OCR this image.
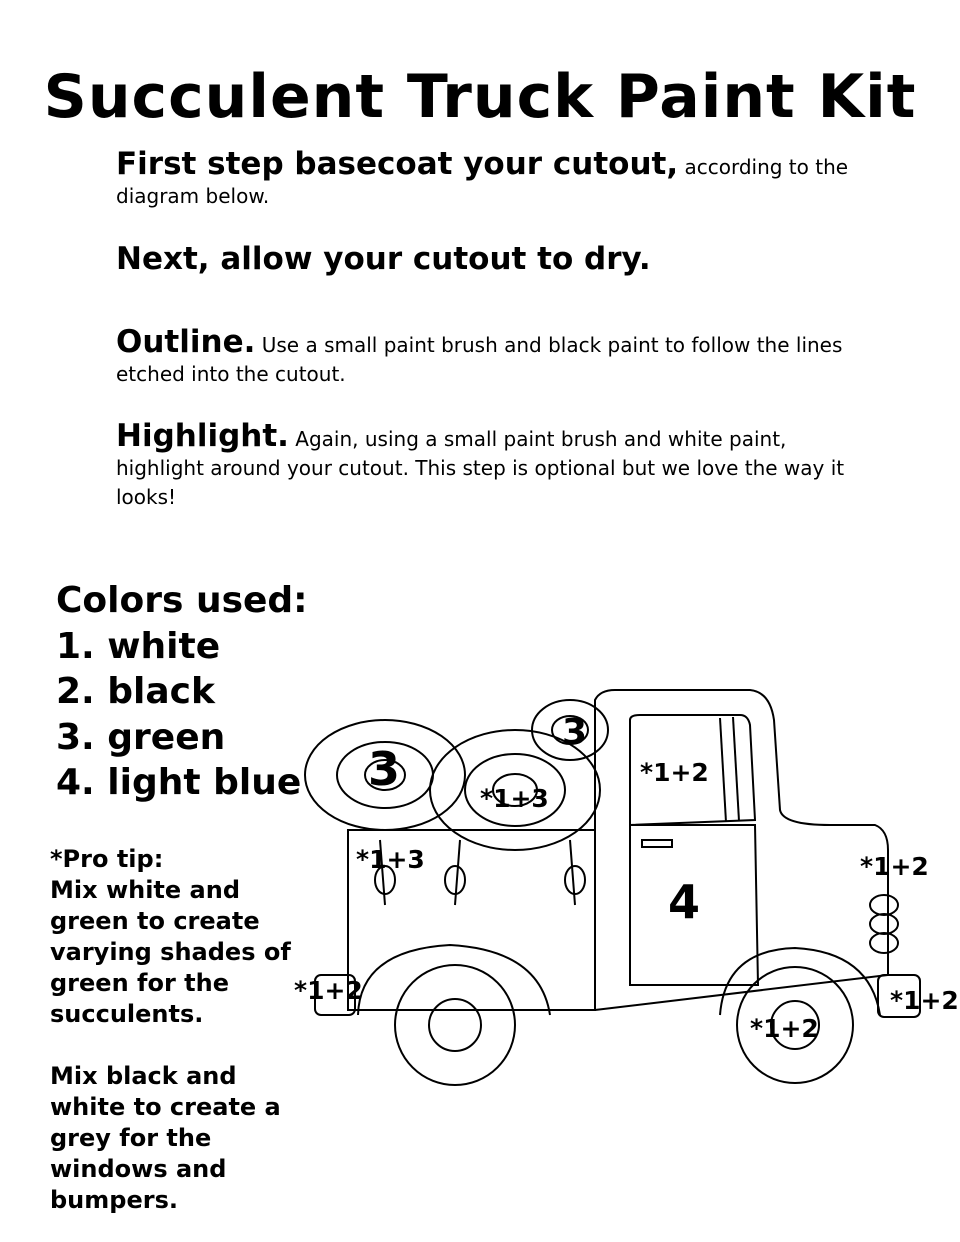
Succulent Truck Paint Kit
First step basecoat your cutout, according to the diagram below.
Next, allow your cutout to dry.
Outline. Use a small paint brush and black paint to follow the lines etched into the cutout.
Highlight. Again, using a small paint brush and white paint, highlight around your cutout. This step is optional but we love the way it looks!
Colors used:
1. white
2. black
3. green
4. light blue

*Pro tip:
Mix white and green to create varying shades of green for the succulents.

Mix black and white to create a grey for the windows and bumpers.

3
3
*1+3
*1+3
*1+2
4
*1+2
*1+2	*1+2
*1+2
